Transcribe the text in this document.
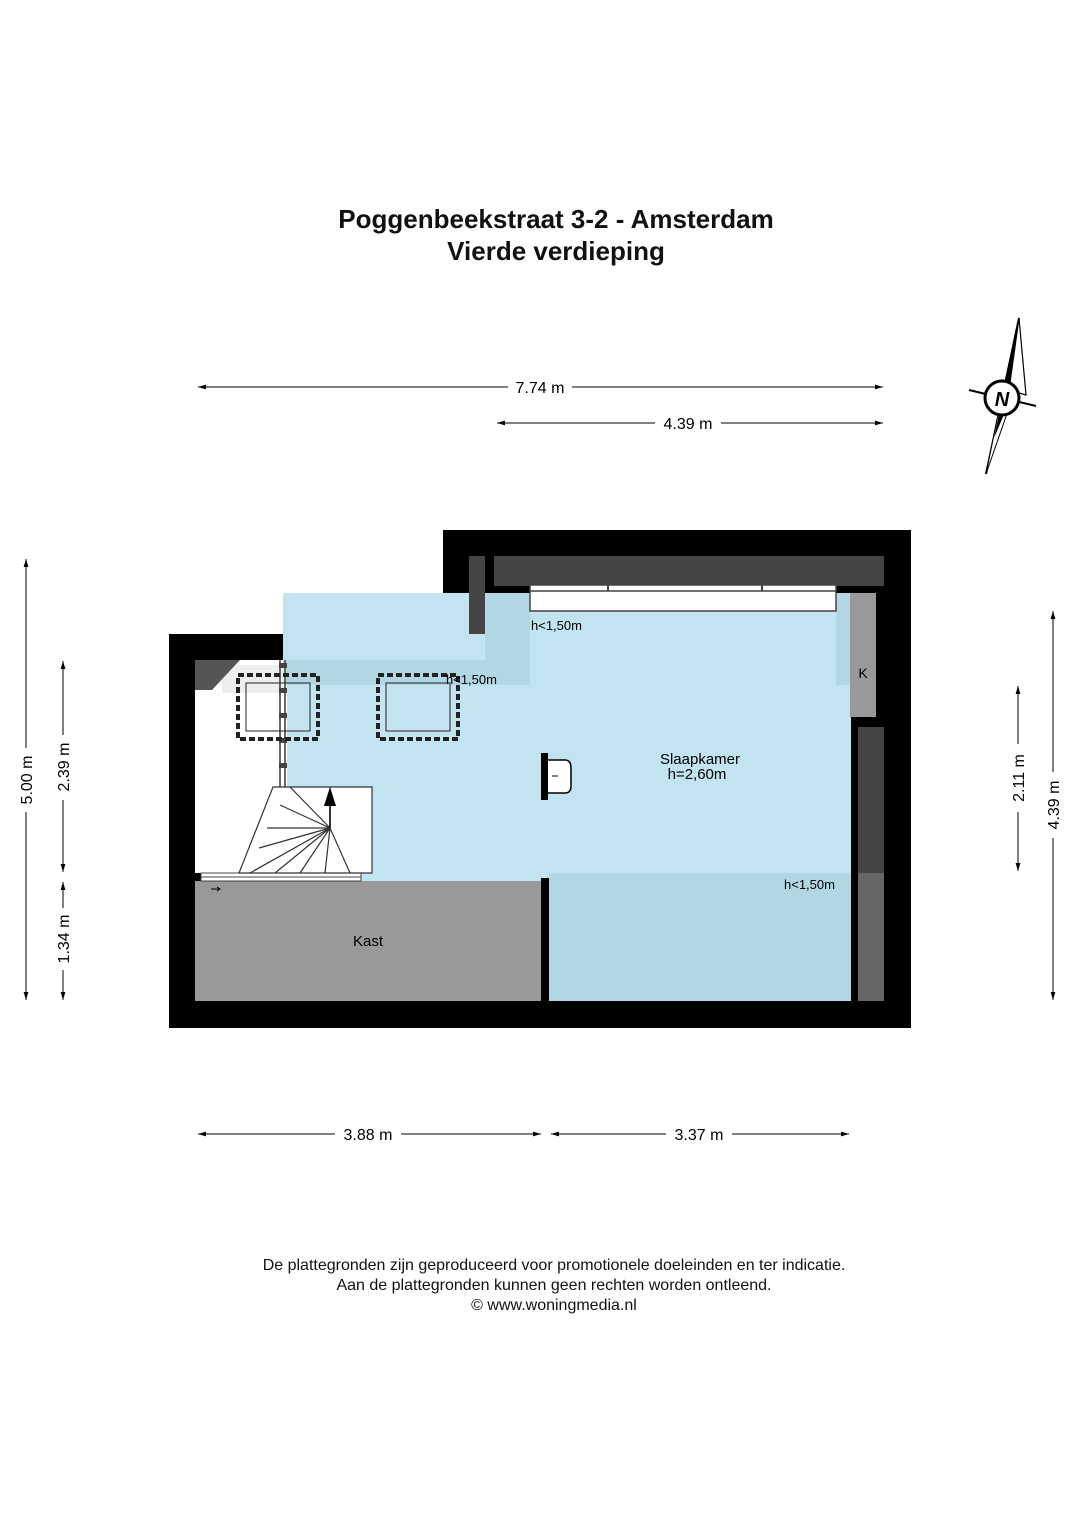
Poggenbeekstraat 3-2 - Amsterdam
Vierde verdieping
Slaapkamer
h=2,60m
Kast
K
h<1,50m
h<1,50m
h<1,50m
7.74 m
4.39 m
3.88 m	3.37 m
5.00 m 2.39 m
1.34 m
2.11 m
4.39 m
N
De plattegronden zijn geproduceerd voor promotionele doeleinden en ter indicatie.
Aan de plattegronden kunnen geen rechten worden ontleend.
© www.woningmedia.nl
